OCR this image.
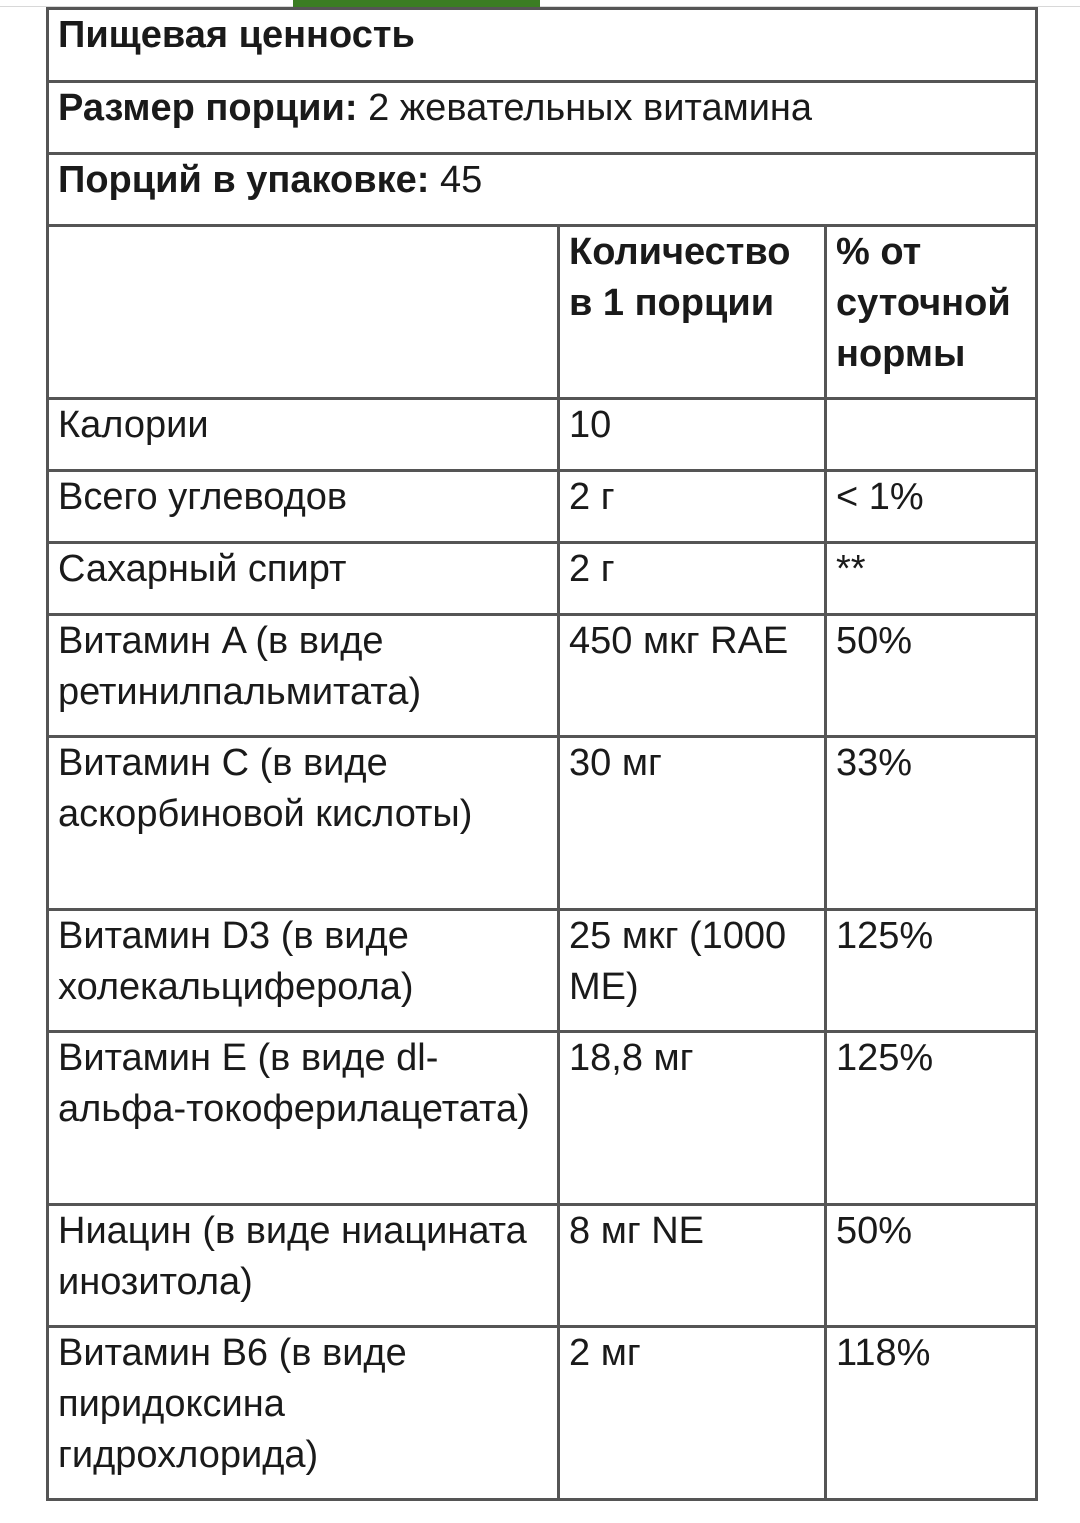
Пищевая ценность		
Размер порции: 2 жевательных витамина		
Порций в упаковке: 45		
	Количество в 1 порции	% от суточной нормы
Калории	10	
Всего углеводов	2 г	< 1%
Сахарный спирт	2 г	**
Витамин A (в виде ретинилпальмитата)	450 мкг RAE	50%
Витамин C (в виде аскорбиновой кислоты)	30 мг	33%
Витамин D3 (в виде холекальциферола)	25 мкг (1000 МЕ)	125%
Витамин E (в виде dl-альфа-токоферилацетата)	18,8 мг	125%
Ниацин (в виде ниацината инозитола)	8 мг NE	50%
Витамин B6 (в виде пиридоксина гидрохлорида)	2 мг	118%
